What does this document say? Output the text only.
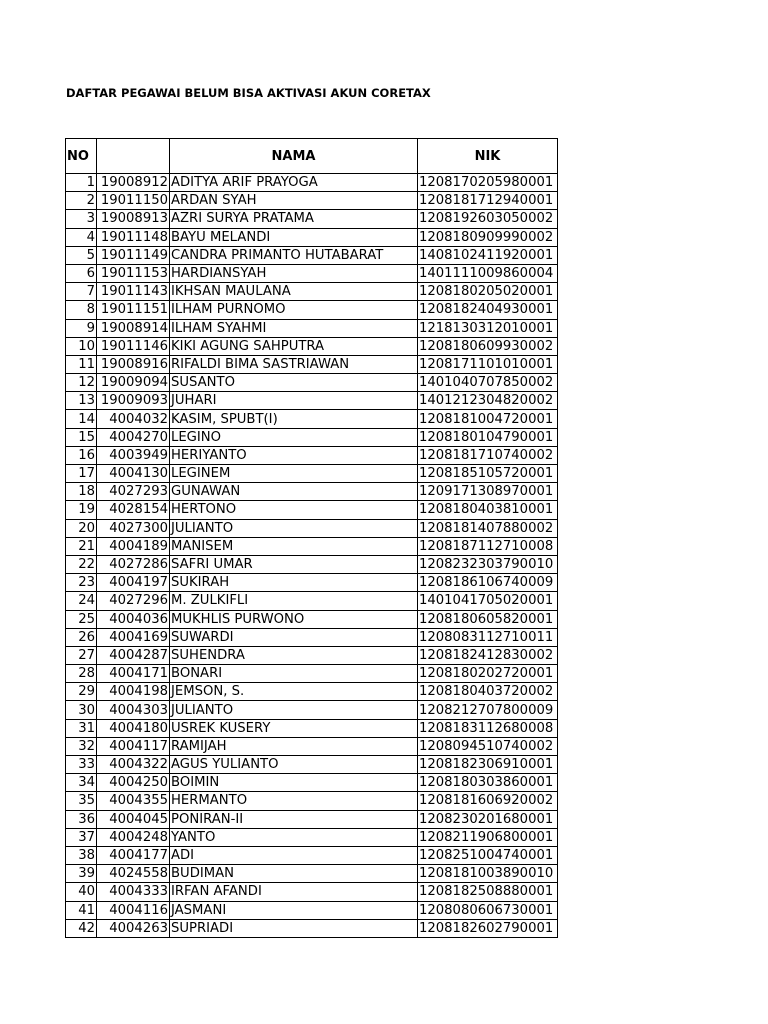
DAFTAR PEGAWAI BELUM BISA AKTIVASI AKUN CORETAX
NO		NAMA	NIK
1	19008912	ADITYA ARIF PRAYOGA	1208170205980001
2	19011150	ARDAN SYAH	1208181712940001
3	19008913	AZRI SURYA PRATAMA	1208192603050002
4	19011148	BAYU MELANDI	1208180909990002
5	19011149	CANDRA PRIMANTO HUTABARAT	1408102411920001
6	19011153	HARDIANSYAH	1401111009860004
7	19011143	IKHSAN MAULANA	1208180205020001
8	19011151	ILHAM PURNOMO	1208182404930001
9	19008914	ILHAM SYAHMI	1218130312010001
10	19011146	KIKI AGUNG SAHPUTRA	1208180609930002
11	19008916	RIFALDI BIMA SASTRIAWAN	1208171101010001
12	19009094	SUSANTO	1401040707850002
13	19009093	JUHARI	1401212304820002
14	4004032	KASIM, SPUBT(I)	1208181004720001
15	4004270	LEGINO	1208180104790001
16	4003949	HERIYANTO	1208181710740002
17	4004130	LEGINEM	1208185105720001
18	4027293	GUNAWAN	1209171308970001
19	4028154	HERTONO	1208180403810001
20	4027300	JULIANTO	1208181407880002
21	4004189	MANISEM	1208187112710008
22	4027286	SAFRI UMAR	1208232303790010
23	4004197	SUKIRAH	1208186106740009
24	4027296	M. ZULKIFLI	1401041705020001
25	4004036	MUKHLIS PURWONO	1208180605820001
26	4004169	SUWARDI	1208083112710011
27	4004287	SUHENDRA	1208182412830002
28	4004171	BONARI	1208180202720001
29	4004198	JEMSON, S.	1208180403720002
30	4004303	JULIANTO	1208212707800009
31	4004180	USREK KUSERY	1208183112680008
32	4004117	RAMIJAH	1208094510740002
33	4004322	AGUS YULIANTO	1208182306910001
34	4004250	BOIMIN	1208180303860001
35	4004355	HERMANTO	1208181606920002
36	4004045	PONIRAN-II	1208230201680001
37	4004248	YANTO	1208211906800001
38	4004177	ADI	1208251004740001
39	4024558	BUDIMAN	1208181003890010
40	4004333	IRFAN AFANDI	1208182508880001
41	4004116	JASMANI	1208080606730001
42	4004263	SUPRIADI	1208182602790001
